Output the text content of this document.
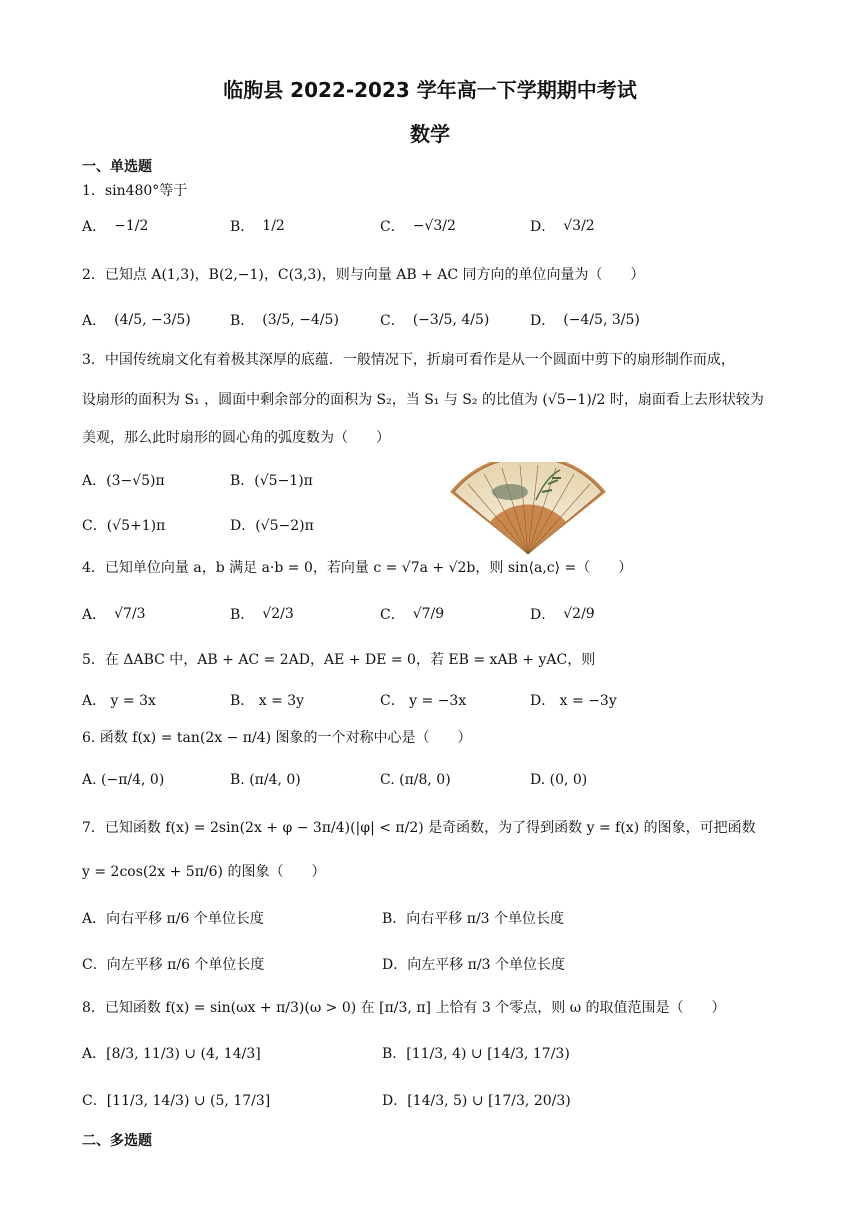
临朐县 2022-2023 学年高一下学期期中考试
数学
一、单选题
1．sin480°等于
A． −1/2	B． 1/2	C． −√3/2	D． √3/2
2．已知点 A(1,3)，B(2,−1)，C(3,3)，则与向量 AB + AC 同方向的单位向量为（　　）
A． (4/5, −3/5)	B． (3/5, −4/5)	C． (−3/5, 4/5)	D． (−4/5, 3/5)
3．中国传统扇文化有着极其深厚的底蕴．一般情况下，折扇可看作是从一个圆面中剪下的扇形制作而成，
设扇形的面积为 S₁ ，圆面中剩余部分的面积为 S₂，当 S₁ 与 S₂ 的比值为 (√5−1)/2 时，扇面看上去形状较为
美观，那么此时扇形的圆心角的弧度数为（　　）
A．(3−√5)π	B．(√5−1)π
C．(√5+1)π	D．(√5−2)π
4．已知单位向量 a，b 满足 a·b = 0，若向量 c = √7a + √2b，则 sin⟨a,c⟩ =（　　）
A． √7/3	B． √2/3	C． √7/9	D． √2/9
5．在 ΔABC 中，AB + AC = 2AD，AE + DE = 0，若 EB = xAB + yAC，则
A． y = 3x	B． x = 3y	C． y = −3x	D． x = −3y
6. 函数 f(x) = tan(2x − π/4) 图象的一个对称中心是（　　）
A. (−π/4, 0)	B. (π/4, 0)	C. (π/8, 0)	D. (0, 0)
7．已知函数 f(x) = 2sin(2x + φ − 3π/4)(|φ| < π/2) 是奇函数，为了得到函数 y = f(x) 的图象，可把函数
y = 2cos(2x + 5π/6) 的图象（　　）
A．向右平移 π/6 个单位长度	B．向右平移 π/3 个单位长度
C．向左平移 π/6 个单位长度	D．向左平移 π/3 个单位长度
8．已知函数 f(x) = sin(ωx + π/3)(ω > 0) 在 [π/3, π] 上恰有 3 个零点，则 ω 的取值范围是（　　）
A．[8/3, 11/3) ∪ (4, 14/3]	B．[11/3, 4) ∪ [14/3, 17/3)
C．[11/3, 14/3) ∪ (5, 17/3]	D．[14/3, 5) ∪ [17/3, 20/3)
二、多选题
